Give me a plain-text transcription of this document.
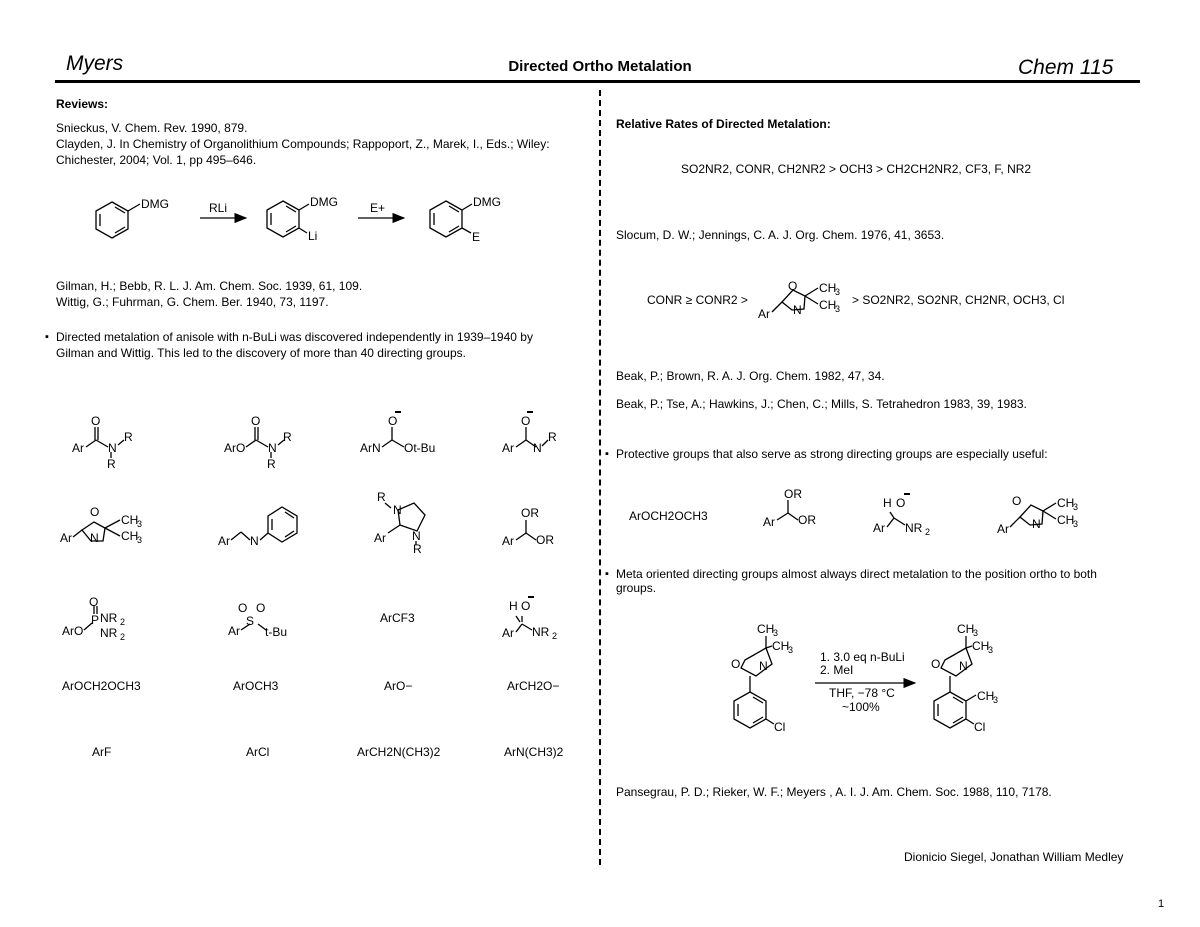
Myers	Directed Ortho Metalation	Chem 115
Reviews:
Snieckus, V. Chem. Rev. 1990, 879.
Clayden, J. In Chemistry of Organolithium Compounds; Rappoport, Z., Marek, I., Eds.; Wiley:
Chichester, 2004; Vol. 1, pp 495–646.
Gilman, H.; Bebb, R. L. J. Am. Chem. Soc. 1939, 61, 109.
Wittig, G.; Fuhrman, G. Chem. Ber. 1940, 73, 1197.
▪ Directed metalation of anisole with n-BuLi was discovered independently in 1939–1940 by
Gilman and Wittig. This led to the discovery of more than 40 directing groups.
Relative Rates of Directed Metalation:
Slocum, D. W.; Jennings, C. A. J. Org. Chem. 1976, 41, 3653.
Beak, P.; Brown, R. A. J. Org. Chem. 1982, 47, 34.
Beak, P.; Tse, A.; Hawkins, J.; Chen, C.; Mills, S. Tetrahedron 1983, 39, 1983.
▪ Protective groups that also serve as strong directing groups are especially useful:
▪ Meta oriented directing groups almost always direct metalation to the position ortho to both
groups.
Pansegrau, P. D.; Rieker, W. F.; Meyers , A. I. J. Am. Chem. Soc. 1988, 110, 7178.
Dionicio Siegel, Jonathan William Medley
1
DMG	RLi	DMG
Li
E+	DMG
E
Ar
O
N
R
R
ArO
O
N
R
R
ArN
O
Ot-Bu	Ar
O
N
R
Ar
O
N
CH
3
CH
3	Ar N
R
N
N
R
Ar	Ar
OR
OR
ArO
P
O
NR 2
NR 2	Ar
S
O O
t-Bu
ArCF3
H O
Ar NR 2
ArOCH2OCH3	ArOCH3	ArO−	ArCH2O−
ArF	ArCl	ArCH2N(CH3)2	ArN(CH3)2
SO2NR2, CONR, CH2NR2 > OCH3 > CH2CH2NR2, CF3, F, NR2
CONR ≥ CONR2 >
Ar
O
N
CH
3
CH
3
> SO2NR2, SO2NR, CH2NR, OCH3, Cl
ArOCH2OCH3	Ar
OR
OR
H O
Ar NR 2	Ar
O
N
CH
3
CH
3
CH
3
CH
3
O N
Cl
1. 3.0 eq n-BuLi
2. MeI
THF, −78 °C
~100%
CH
3
CH
3
O N
CH
3
Cl
